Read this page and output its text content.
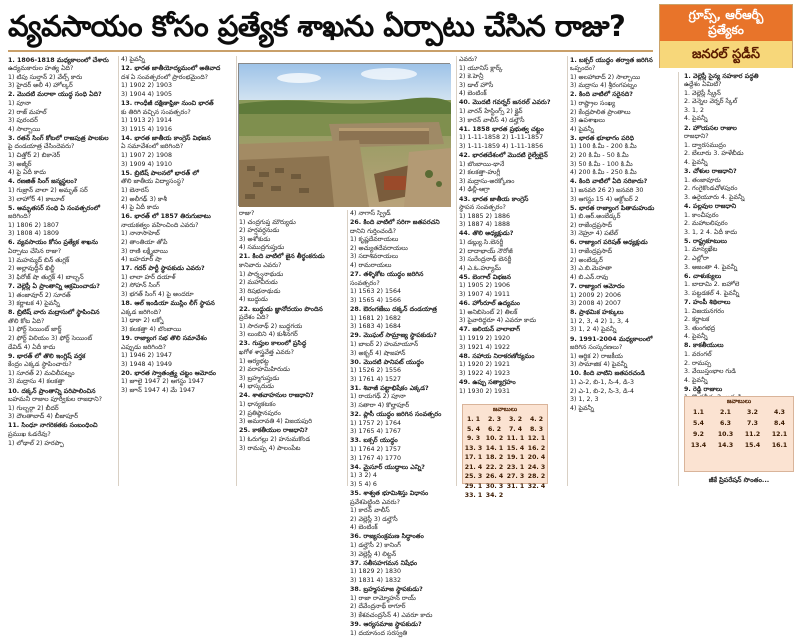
వ్యవసాయం కోసం ప్రత్యేక శాఖను ఏర్పాటు చేసిన రాజు?	గ్రూప్స్, ఆర్ఆర్బీ
ప్రత్యేకం
జనరల్ స్టడీస్

1. 1806-1818 మధ్యకాలంలో చేశారు

ఉద్యమకారుల హత్య ఏది?

1) టిపు సుల్తాన్ 2) వేల్స్ కారు

3) హైదర్ అలీ 4) హోల్కర్

2. మొదటి మరాఠా యుద్ధ సంధి ఏది?

1) పూనా

2) రాజ్ మహల్

3) పురందర్

4) సాల్బాయి

3. రతన్ సింగ్ కోటలో రాజపుత్ర పాలకుల

పై దండయాత్ర చేసిందెవరు?

1) చిత్తోర్ 2) బికానెర్

3) అజ్మీర్

4) పై ఏదీ కాదు

4. రణజిత్ సింగ్ జన్మస్థలం?

1) గుజ్రాన్ వాలా 2) అమృత్ సర్

3) లాహోర్ 4) కాబూల్

5. అమృతసర్ సంధి ఏ సంవత్సరంలో

జరిగింది?

1) 1806 2) 1807

3) 1808 4) 1809

6. వ్యవసాయం కోసం ప్రత్యేక శాఖను

ఏర్పాటు చేసిన రాజు?

1) మహమ్మద్ బిన్ తుగ్లక్

2) అల్లావుద్దీన్ ఖిల్జీ

3) ఫిరోజ్ షా తుగ్లక్ 4) బాల్బన్

7. వెల్లెస్లీ ఏ ప్రాంతాన్ని ఆక్రమించాడు?

1) తంజావూర్ 2) సూరత్

3) కర్ణాటక 4) పైవన్నీ

8. బ్రిటిష్ వారు మద్రాసులో స్థాపించిన

తొలి కోట ఏది?

1) ఫోర్ట్ సెయింట్ జార్జ్

2) ఫోర్ట్ విలియం 3) ఫోర్ట్ సెయింట్

డేవిడ్ 4) ఏదీ కాదు

9. భారత్ లో తొలి ఇంగ్లిష్ వర్తక

కేంద్రం ఎక్కడ స్థాపించారు?

1) సూరత్ 2) మచిలీపట్నం

3) మద్రాసు 4) కలకత్తా

10. దక్కన్ ప్రాంతాన్ని పరిపాలించిన

బహమనీ రాజుల పూర్వీకుల రాజధాని?

1) గుల్బర్గా 2) బీదర్

3) దౌలతాబాద్ 4) బీజాపూర్

11. సింధూ నాగరికతకు సంబంధించి

ప్రముఖ ఓడరేవు?

1) లోథాల్ 2) హరప్పా

4) పైవన్నీ

12. భారత జాతీయోద్యమంలో అతివాద

దశ ఏ సంవత్సరంలో ప్రారంభమైంది?

1) 1902 2) 1903

3) 1904 4) 1905

13. గాంధీజీ దక్షిణాఫ్రికా నుంచి భారత్

కు తిరిగి వచ్చిన సంవత్సరం?

1) 1913 2) 1914

3) 1915 4) 1916

14. భారత జాతీయ కాంగ్రెస్ విభజన

ఏ సమావేశంలో జరిగింది?

1) 1907 2) 1908

3) 1909 4) 1910

15. బ్రిటిష్ పాలనలో భారత్ లో

తొలి జాతీయ విద్యాసంస్థ?

1) బెనారస్

2) అలీగఢ్ 3) కాశీ

4) పై ఏదీ కాదు

16. భారత్ లో 1857 తిరుగుబాటు

నాయకత్వం వహించింది ఎవరు?

1) నానాసాహెబ్

2) తాంతియా తోపే

3) రాణి లక్ష్మీబాయి

4) బహదూర్ షా

17. గదర్ పార్టీ స్థాపకుడు ఎవరు?

1) లాలా హర్ దయాళ్

2) సోహన్ సింగ్

3) భగత్ సింగ్ 4) పై అందరూ

18. ఆల్ ఇండియా ముస్లిం లీగ్ స్థాపన

ఎక్కడ జరిగింది?

1) ఢాకా 2) లక్నో

3) కలకత్తా 4) బొంబాయి

19. రాజ్యాంగ సభ తొలి సమావేశం

ఎప్పుడు జరిగింది?

1) 1946 2) 1947

3) 1948 4) 1949

20. భారత స్వాతంత్ర్య చట్టం ఆమోదం

1) జూలై 1947 2) ఆగస్టు 1947

3) జూన్ 1947 4) మే 1947

రాజు?

1) చంద్రగుప్త మౌర్యుడు

2) హర్షవర్ధనుడు

3) అశోకుడు

4) సముద్రగుప్తుడు

21. కింది వాటిలో జైన తీర్థంకరుడు

కానివారు ఎవరు?

1) పార్శ్వనాథుడు

2) మహావీరుడు

3) రిషభనాథుడు

4) బుద్ధుడు

22. బుద్ధుడు జ్ఞానోదయం పొందిన

ప్రదేశం ఏది?

1) సారనాథ్ 2) బుద్ధగయ

3) లుంబిని 4) కుశీనగర్

23. గుప్తుల కాలంలో ప్రసిద్ధ

ఖగోళ శాస్త్రవేత్త ఎవరు?

1) ఆర్యభట్ట

2) వరాహమిహిరుడు

3) బ్రహ్మగుప్తుడు

4) భాస్కరుడు

24. శాతవాహనుల రాజధాని?

1) ధాన్యకటకం

2) ప్రతిష్ఠానపురం

3) అమరావతి 4) విజయపురి

25. కాకతీయుల రాజధాని?

1) ఓరుగల్లు 2) హనుమకొండ

3) రామప్ప 4) పాలంపేట

4) నాగాస్ స్ప్రిడ్

26. కింది వాటిలో సరిగా జతపరచని

దానిని గుర్తించండి?

1) కృష్ణదేవరాయలు

2) అచ్యుతదేవరాయలు

3) సదాశివరాయలు

4) రామరాయలు

27. తళ్ళికోట యుద్ధం జరిగిన

సంవత్సరం?

1) 1563 2) 1564

3) 1565 4) 1566

28. ఔరంగజేబు దక్కన్ దండయాత్ర

1) 1681 2) 1682

3) 1683 4) 1684

29. మొఘల్ సామ్రాజ్య స్థాపకుడు?

1) బాబర్ 2) హుమాయూన్

3) అక్బర్ 4) షాజహాన్

30. మొదటి పానిపట్ యుద్ధం

1) 1526 2) 1556

3) 1761 4) 1527

31. శివాజీ పట్టాభిషేకం ఎక్కడ?

1) రాయగఢ్ 2) పూనా

3) సతారా 4) కొల్హాపూర్

32. ప్లాసీ యుద్ధం జరిగిన సంవత్సరం

1) 1757 2) 1764

3) 1765 4) 1767

33. బక్సర్ యుద్ధం

1) 1764 2) 1757

3) 1767 4) 1770

34. మైసూర్ యుద్ధాలు ఎన్ని?

1) 3 2) 4

3) 5 4) 6

35. శాశ్వత భూమిశిస్తు విధానం

ప్రవేశపెట్టింది ఎవరు?

1) కారన్ వాలీస్

2) వెల్లెస్లీ 3) డల్హౌసీ

4) బెంటింక్

36. రాజ్యసంక్రమణ సిద్ధాంతం

1) డల్హౌసీ 2) కానింగ్

3) వెల్లెస్లీ 4) లిట్టన్

37. సతీసహగమన నిషేధం

1) 1829 2) 1830

3) 1831 4) 1832

38. బ్రహ్మసమాజ స్థాపకుడు?

1) రాజా రామ్మోహన్ రాయ్

2) దేవేంద్రనాథ్ ఠాగూర్

3) కేశవచంద్రసేన్ 4) ఎవరూ కాదు

39. ఆర్యసమాజ స్థాపకుడు?

1) దయానంద సరస్వతి

ఎవరు?

1) యూనిస్ క్లార్క్

2) కె.హెన్రీ

3) డాల్ హౌసీ

4) బెంటింక్

40. మొదటి గవర్నర్ జనరల్ ఎవరు?

1) వారన్ హేస్టింగ్స్ 2) క్లైవ్

3) కారన్ వాలీస్ 4) డల్హౌసీ

41. 1858 భారత ప్రభుత్వ చట్టం

1) 1-11-1858 2) 1-11-1857

3) 1-11-1859 4) 1-11-1856

42. భారతదేశంలో మొదటి రైల్వేలైన్

1) బొంబాయి-థానే

2) కలకత్తా-హుగ్లీ

3) మద్రాసు-అరక్కోణం

4) ఢిల్లీ-ఆగ్రా

43. భారత జాతీయ కాంగ్రెస్

స్థాపన సంవత్సరం?

1) 1885 2) 1886

3) 1887 4) 1888

44. తొలి అధ్యక్షుడు?

1) డబ్ల్యు.సి.బెనర్జీ

2) దాదాభాయ్ నౌరోజీ

3) సురేంద్రనాథ్ బెనర్జీ

4) ఎ.ఓ.హ్యూమ్

45. బెంగాల్ విభజన

1) 1905 2) 1906

3) 1907 4) 1911

46. హోంరూల్ ఉద్యమం

1) అనిబిసెంట్ 2) తిలక్

3) పైవారిద్దరూ 4) ఎవరూ కాదు

47. జలియన్ వాలాబాగ్

1) 1919 2) 1920

3) 1921 4) 1922

48. సహాయ నిరాకరణోద్యమం

1) 1920 2) 1921

3) 1922 4) 1923

49. ఉప్పు సత్యాగ్రహం

1) 1930 2) 1931

1. బక్సర్ యుద్ధం తర్వాత జరిగిన

ఒప్పందం?

1) అలహాబాద్ 2) సాల్బాయి

3) మద్రాసు 4) శ్రీరంగపట్నం

2. కింది వాటిలో సరైనది?

1) రాష్ట్రాల సంఖ్య

2) కేంద్రపాలిత ప్రాంతాలు

3) ఉపశాఖలు

4) పైవన్నీ

3. భారత భూభాగం పరిధి

1) 100 కి.మీ - 200 కి.మీ

2) 20 కి.మీ - 50 కి.మీ

3) 50 కి.మీ - 100 కి.మీ

4) 200 కి.మీ - 250 కి.మీ

4. కింది వాటిలో ఏది సరికాదు?

1) జనవరి 26 2) జనవరి 30

3) ఆగస్టు 15 4) అక్టోబర్ 2

5. భారత రాజ్యాంగ పితామహుడు

1) బి.ఆర్.అంబేడ్కర్

2) రాజేంద్రప్రసాద్

3) నెహ్రూ 4) పటేల్

6. రాజ్యాంగ పరిషత్ అధ్యక్షుడు

1) రాజేంద్రప్రసాద్

2) అంబేడ్కర్

3) ఎ.బి.మెహతా

4) బి.ఎన్.రావు

7. రాజ్యాంగ ఆమోదం

1) 2009 2) 2006

3) 2008 4) 2007

8. ప్రాథమిక హక్కులు

1) 2, 3, 4 2) 1, 3, 4

3) 1, 2 4) పైవన్నీ

9. 1991-2004 మధ్యకాలంలో

జరిగిన సంస్కరణలు?

1) ఆర్థిక 2) రాజకీయ

3) సామాజిక 4) పైవన్నీ

10. కింది వాటిని జతపరచండి

1) ఎ-2, బి-1, సి-4, డి-3

2) ఎ-1, బి-2, సి-3, డి-4

3) 1, 2, 3

4) పైవన్నీ

1. వెల్లెస్లీ సైన్య సహకార పద్ధతి

ఉద్దేశం ఏమిటి?

1. వెల్లెస్లీ స్క్రీన్

2. వెన్నెల వెర్నర్ స్కేల్

3. 1, 2

4. పైవన్నీ

2. హొయసల రాజుల

రాజధాని?

1. ద్వారసముద్రం

2. బేలూరు 3. హళేబీడు

4. పైవన్నీ

3. చోళుల రాజధాని?

1. తంజావూరు

2. గంగైకొండచోళపురం

3. ఉరైయూరు 4. పైవన్నీ

4. పల్లవుల రాజధాని

1. కాంచీపురం

2. మహాబలిపురం

3. 1, 2 4. ఏదీ కాదు

5. రాష్ట్రకూటులు

1. మాన్యఖేట

2. ఎల్లోరా

3. అజంతా 4. పైవన్నీ

6. చాళుక్యులు

1. బాదామి 2. ఐహోలె

3. పట్టడకల్ 4. పైవన్నీ

7. హంపీ శిథిలాలు

1. విజయనగరం

2. కర్ణాటక

3. తుంగభద్ర

4. పైవన్నీ

8. కాకతీయులు

1. వరంగల్

2. రామప్ప

3. వేయిస్తంభాల గుడి

4. పైవన్నీ

9. రెడ్డి రాజులు

జవాబులు
1. 1	2. 3	3. 2	4. 2
5. 4	6. 2	7. 4	8. 3
9. 3	10. 2	11. 1	12. 1
13. 3	14. 1	15. 4	16. 2
17. 1	18. 2	19. 1	20. 4
21. 4	22. 2	23. 1	24. 3
25. 3	26. 4	27. 3	28. 2
29. 1	30. 3	31. 1	32. 4
33. 1	34. 2		
జవాబులు
1.1	2.1	3.2	4.3
5.4	6.3	7.3	8.4
9.2	10.3	11.2	12.1
13.4	14.3	15.4	16.1
జీకే ప్రిపరేషన్ సొంతం...
